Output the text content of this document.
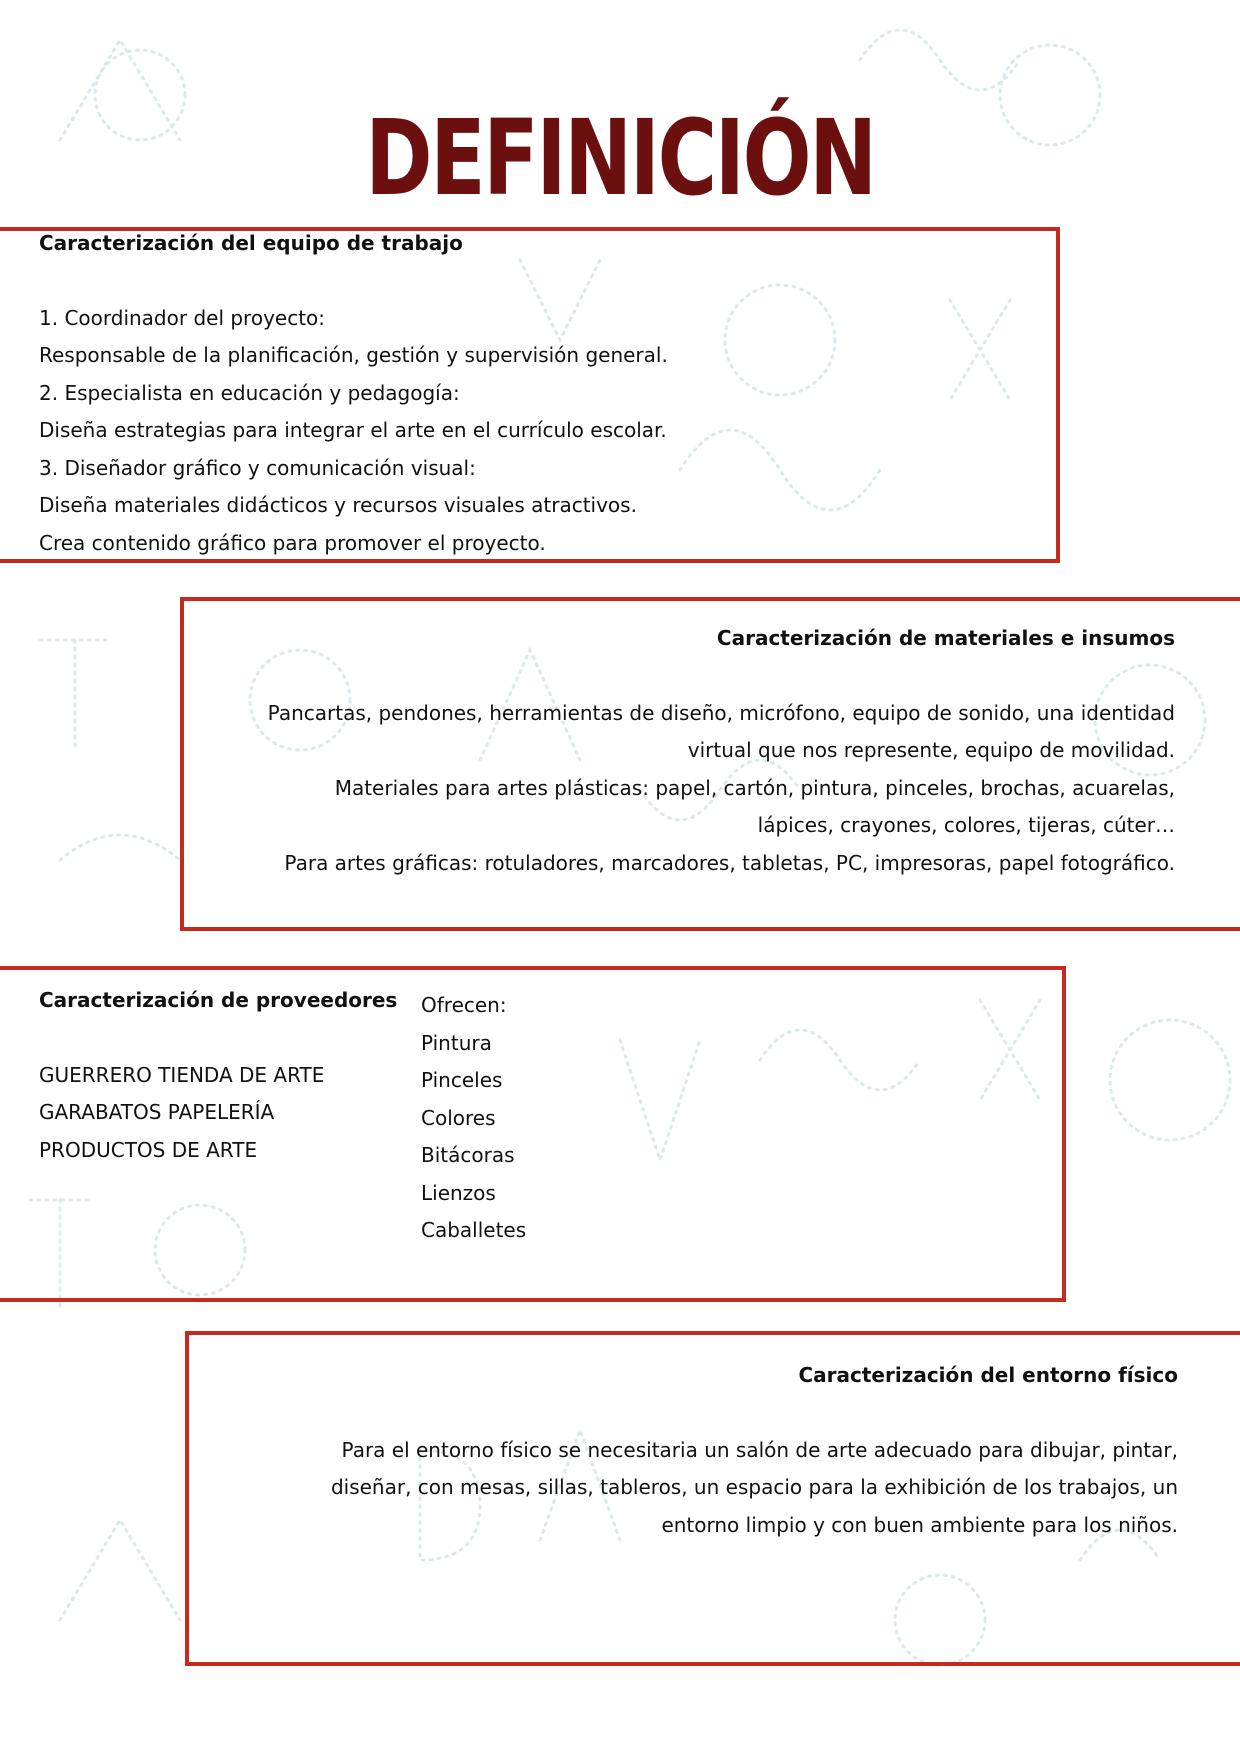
DEFINICIÓN

Caracterización del equipo de trabajo

1. Coordinador del proyecto:

Responsable de la planificación, gestión y supervisión general.

2. Especialista en educación y pedagogía:

Diseña estrategias para integrar el arte en el currículo escolar.

3. Diseñador gráfico y comunicación visual:

Diseña materiales didácticos y recursos visuales atractivos.

Crea contenido gráfico para promover el proyecto.

Caracterización de materiales e insumos

Pancartas, pendones, herramientas de diseño, micrófono, equipo de sonido, una identidad

virtual que nos represente, equipo de movilidad.

Materiales para artes plásticas: papel, cartón, pintura, pinceles, brochas, acuarelas,

lápices, crayones, colores, tijeras, cúter…

Para artes gráficas: rotuladores, marcadores, tabletas, PC, impresoras, papel fotográfico.

Caracterización de proveedores

GUERRERO TIENDA DE ARTE

GARABATOS PAPELERÍA

PRODUCTOS DE ARTE

Ofrecen:

Pintura

Pinceles

Colores

Bitácoras

Lienzos

Caballetes

Caracterización del entorno físico

Para el entorno físico se necesitaria un salón de arte adecuado para dibujar, pintar,

diseñar, con mesas, sillas, tableros, un espacio para la exhibición de los trabajos, un

entorno limpio y con buen ambiente para los niños.
